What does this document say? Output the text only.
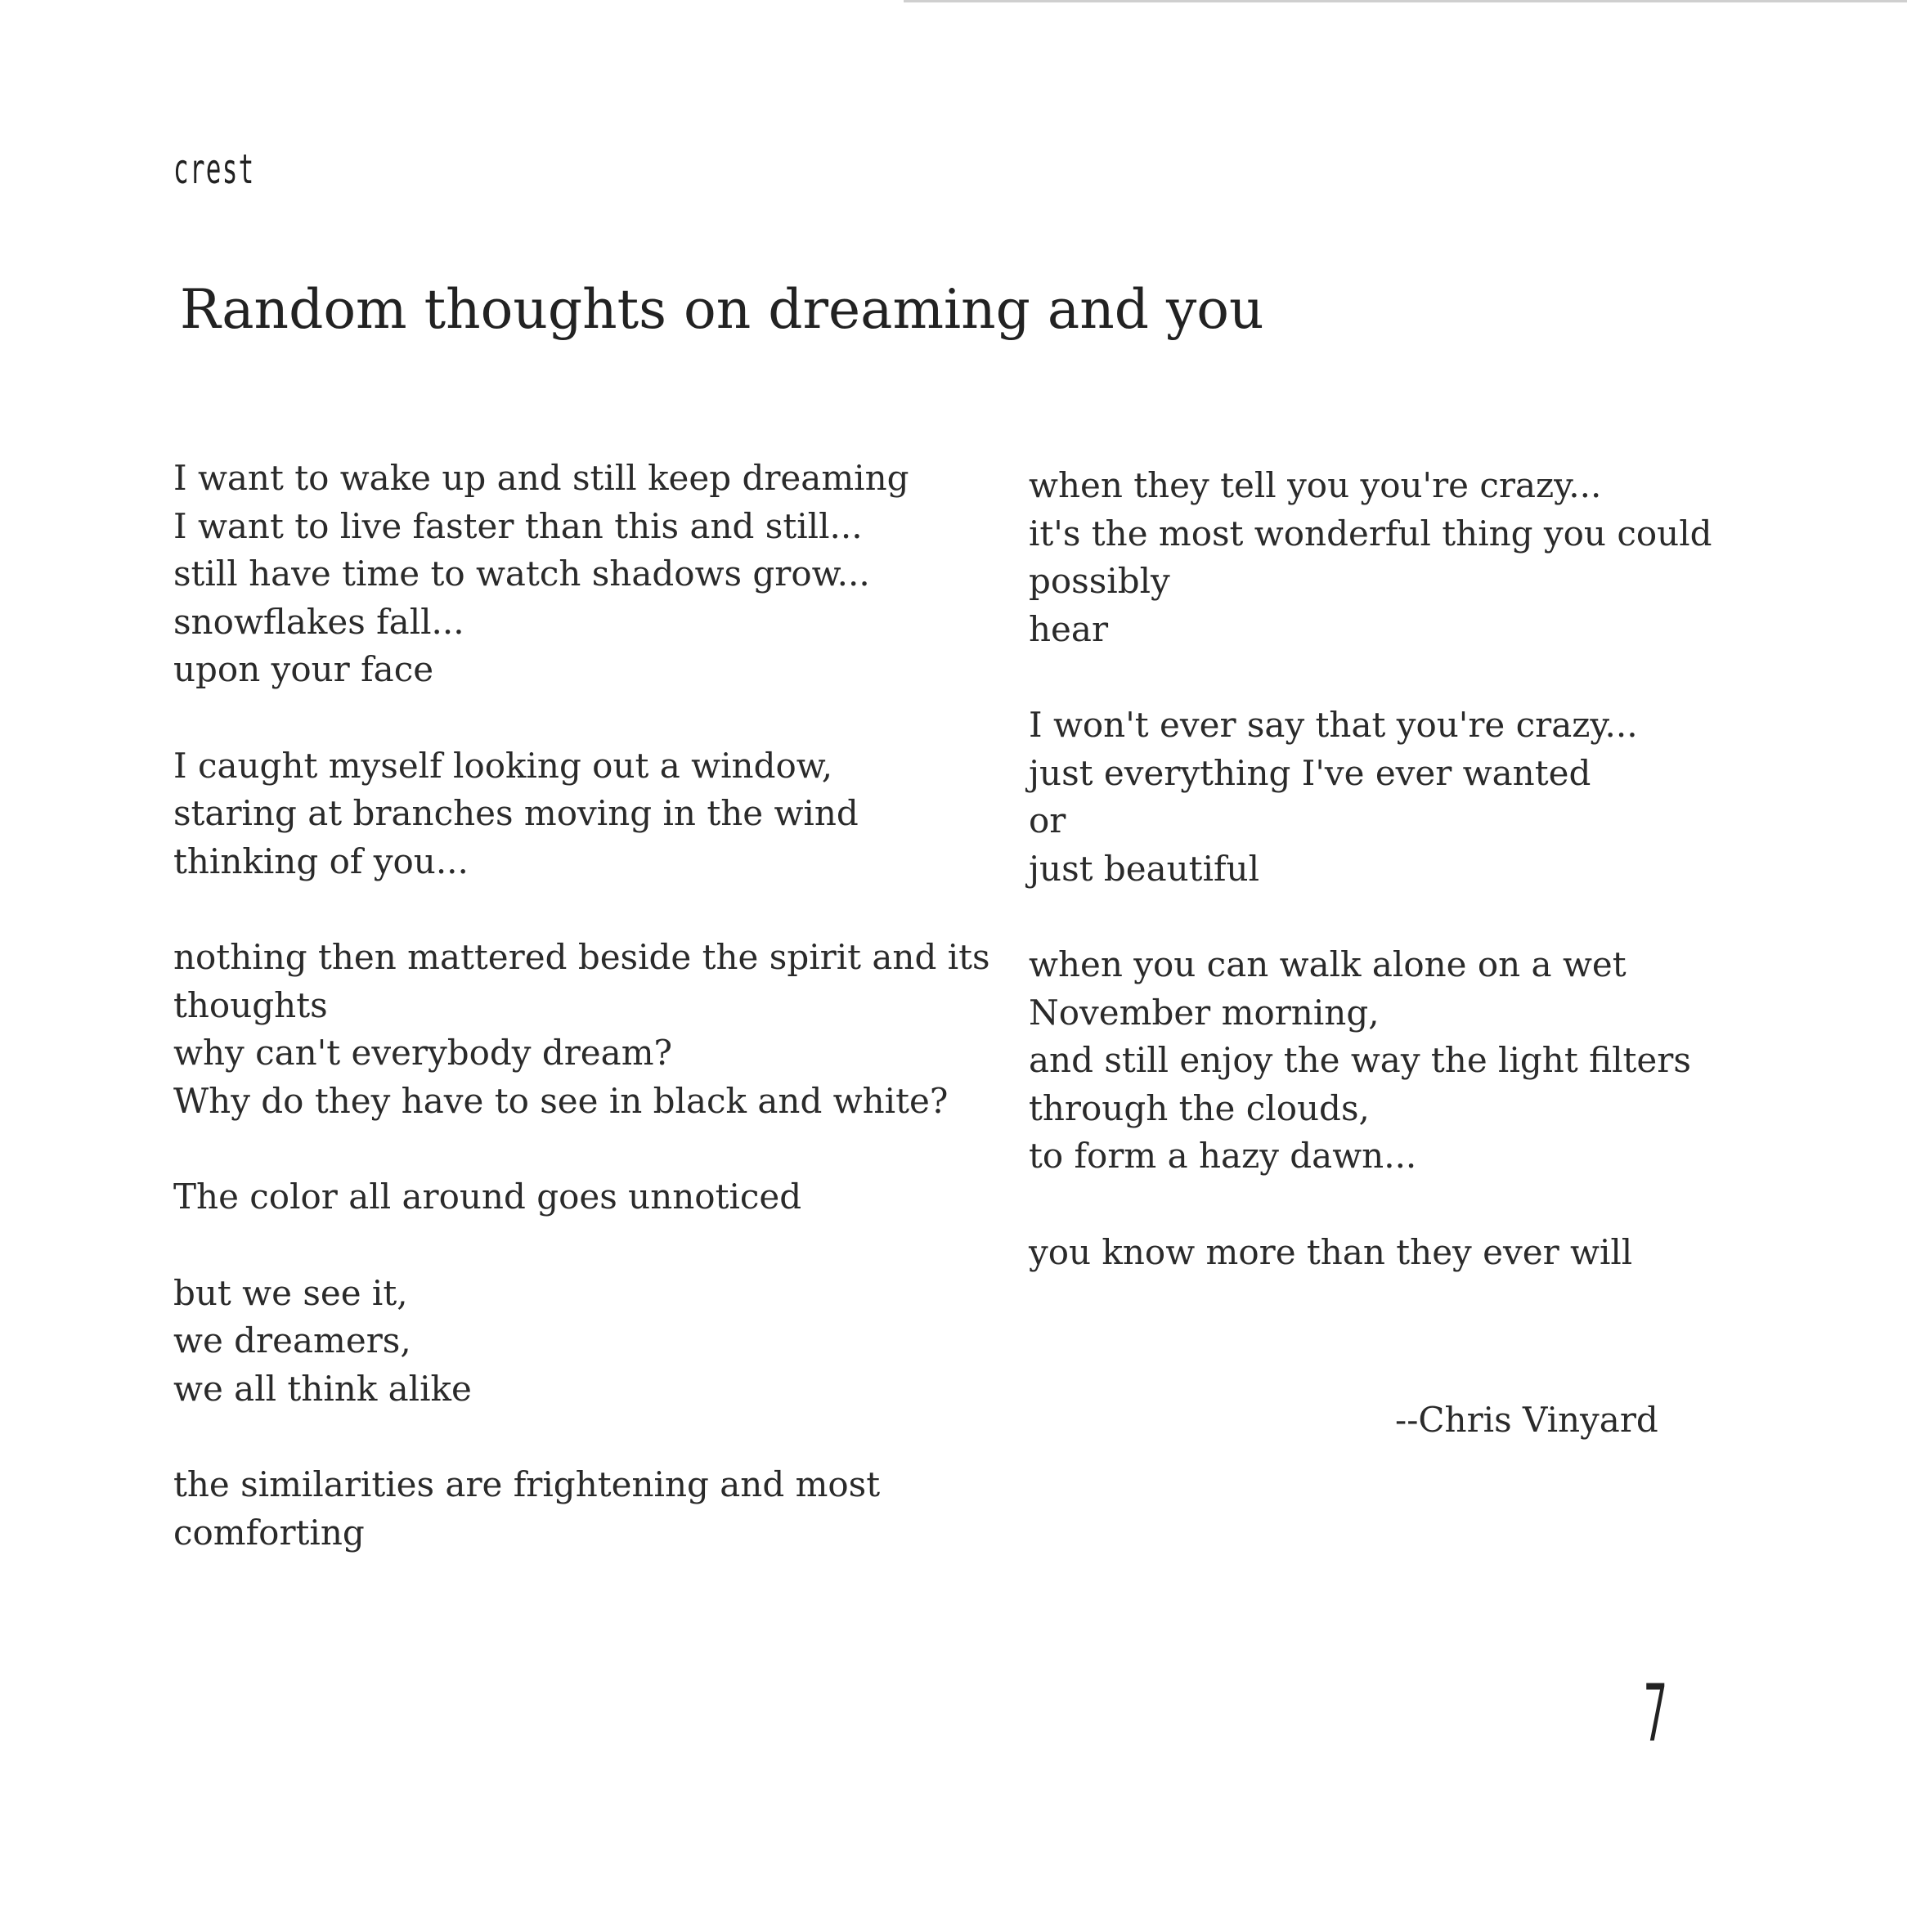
crest
Random thoughts on dreaming and you

I want to wake up and still keep dreaming
I want to live faster than this and still...
still have time to watch shadows grow...
snowflakes fall...
upon your face

I caught myself looking out a window,
staring at branches moving in the wind
thinking of you...

nothing then mattered beside the spirit and its
thoughts
why can't everybody dream?
Why do they have to see in black and white?

The color all around goes unnoticed

but we see it,
we dreamers,
we all think alike

the similarities are frightening and most
comforting

when they tell you you're crazy...
it's the most wonderful thing you could
possibly
hear

I won't ever say that you're crazy...
just everything I've ever wanted
or
just beautiful

when you can walk alone on a wet
November morning,
and still enjoy the way the light filters
through the clouds,
to form a hazy dawn...

you know more than they ever will

--Chris Vinyard
7
